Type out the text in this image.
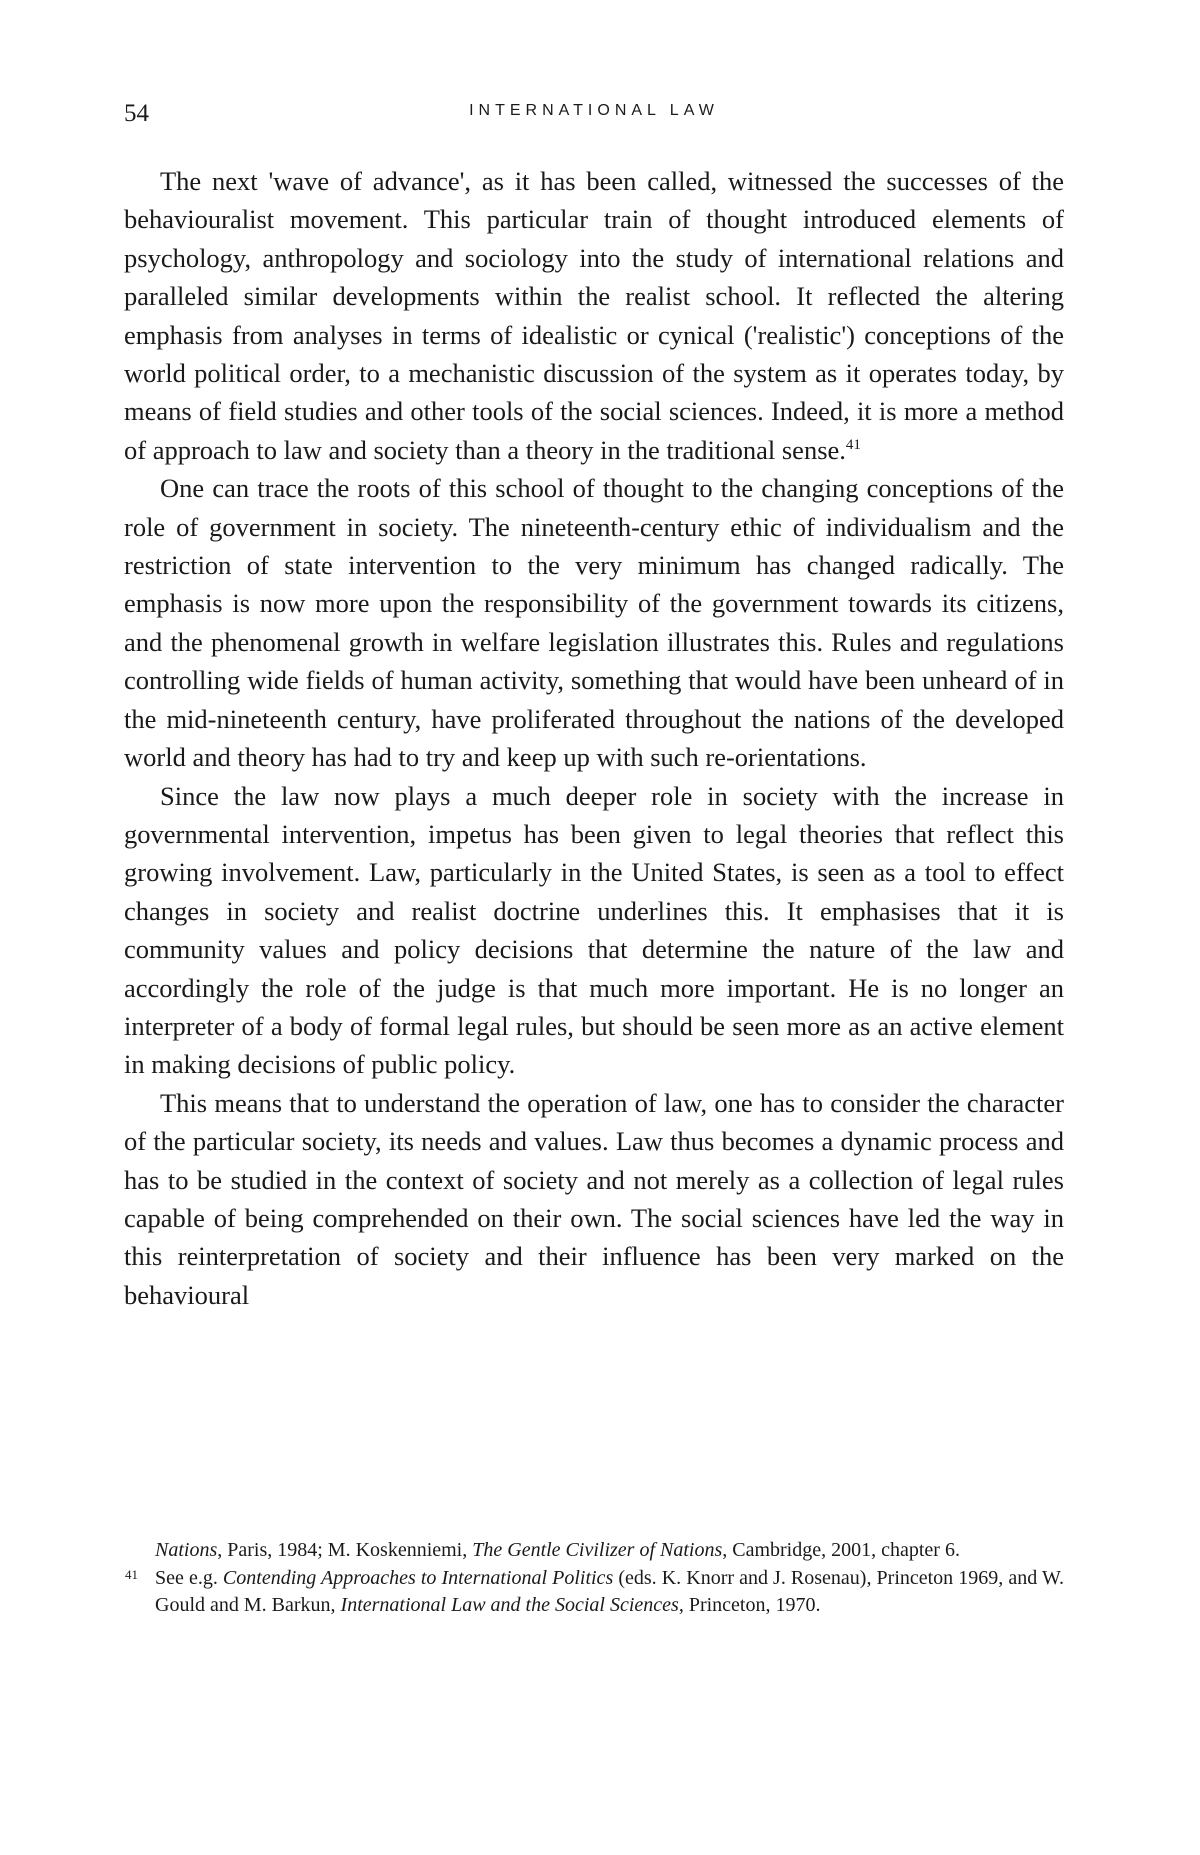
54	INTERNATIONAL LAW

The next 'wave of advance', as it has been called, witnessed the successes of the behaviouralist movement. This particular train of thought introduced elements of psychology, anthropology and sociology into the study of international relations and paralleled similar developments within the realist school. It reflected the altering emphasis from analyses in terms of idealistic or cynical ('realistic') conceptions of the world political order, to a mechanistic discussion of the system as it operates today, by means of field studies and other tools of the social sciences. Indeed, it is more a method of approach to law and society than a theory in the traditional sense.$^{41}$

One can trace the roots of this school of thought to the changing conceptions of the role of government in society. The nineteenth-century ethic of individualism and the restriction of state intervention to the very minimum has changed radically. The emphasis is now more upon the responsibility of the government towards its citizens, and the phenomenal growth in welfare legislation illustrates this. Rules and regulations controlling wide fields of human activity, something that would have been unheard of in the mid-nineteenth century, have proliferated throughout the nations of the developed world and theory has had to try and keep up with such re-orientations.

Since the law now plays a much deeper role in society with the increase in governmental intervention, impetus has been given to legal theories that reflect this growing involvement. Law, particularly in the United States, is seen as a tool to effect changes in society and realist doctrine underlines this. It emphasises that it is community values and policy decisions that determine the nature of the law and accordingly the role of the judge is that much more important. He is no longer an interpreter of a body of formal legal rules, but should be seen more as an active element in making decisions of public policy.

This means that to understand the operation of law, one has to consider the character of the particular society, its needs and values. Law thus becomes a dynamic process and has to be studied in the context of society and not merely as a collection of legal rules capable of being comprehended on their own. The social sciences have led the way in this reinterpretation of society and their influence has been very marked on the behavioural

Nations, Paris, 1984; M. Koskenniemi, The Gentle Civilizer of Nations, Cambridge, 2001, chapter 6.

41 See e.g. Contending Approaches to International Politics (eds. K. Knorr and J. Rosenau), Princeton 1969, and W. Gould and M. Barkun, International Law and the Social Sciences, Princeton, 1970.
